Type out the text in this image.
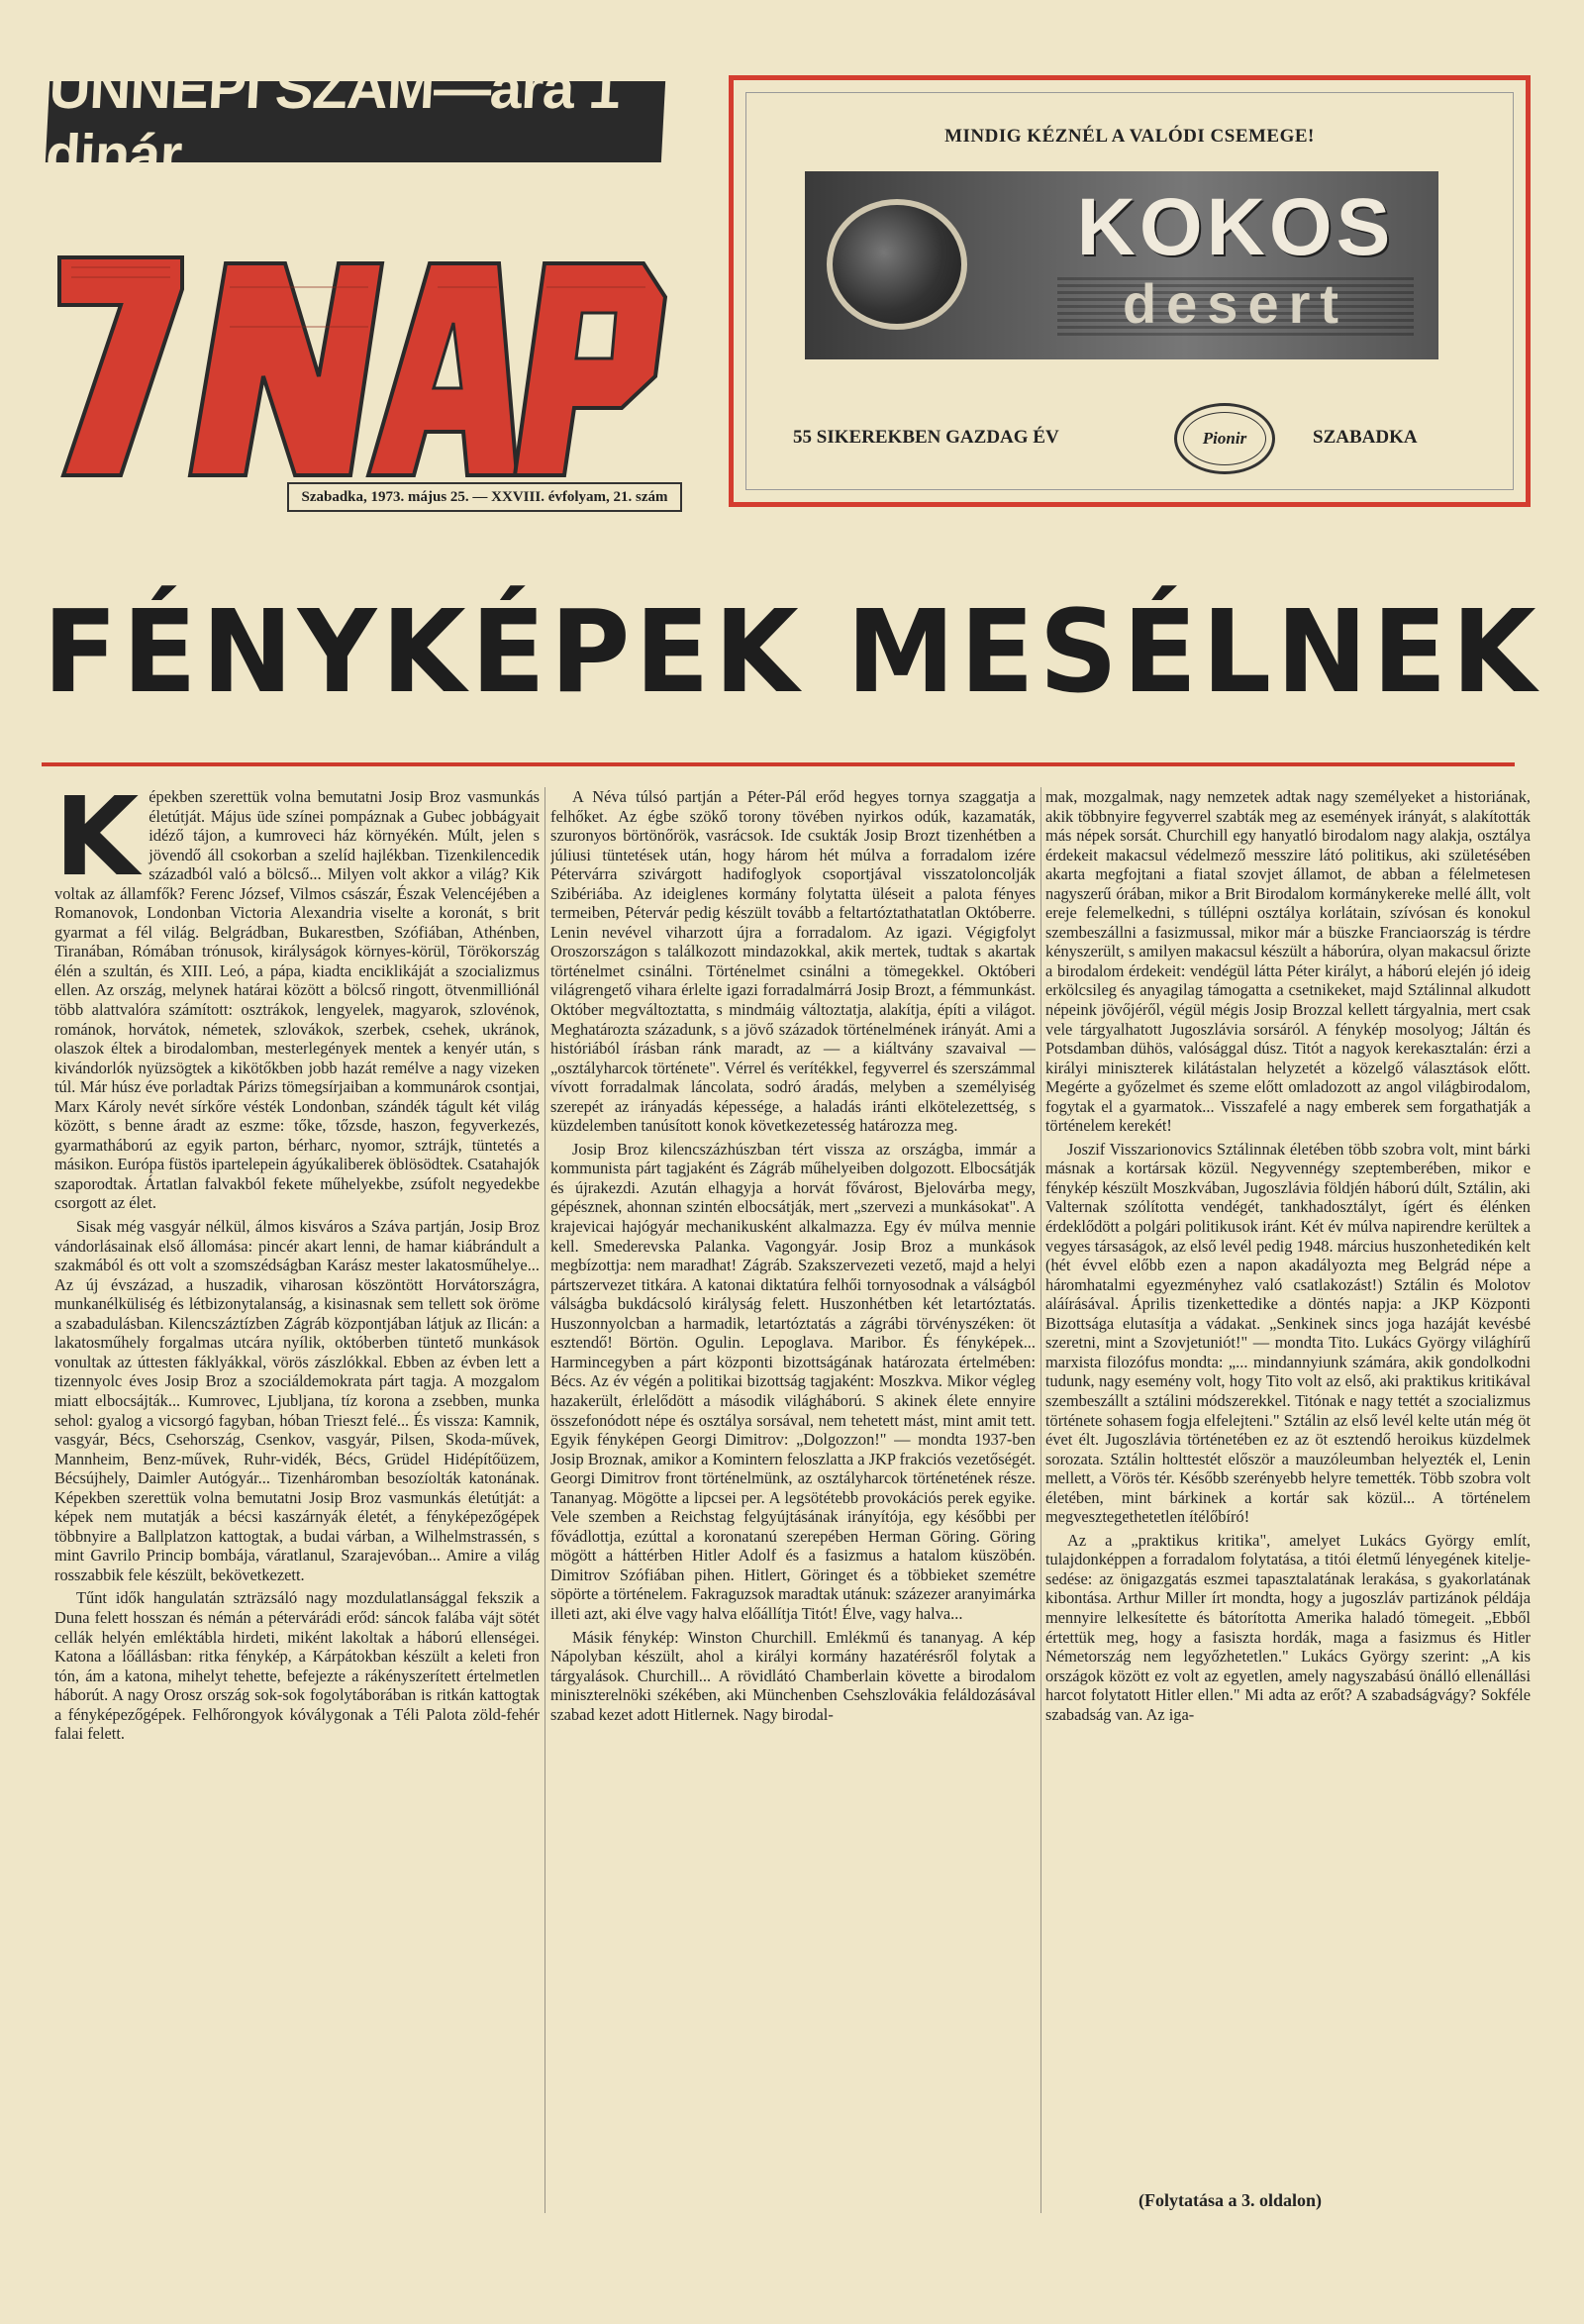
ÜNNEPI SZÁM—ára 1 dinár
Szabadka, 1973. május 25. — XXVIII. évfolyam, 21. szám
MINDIG KÉZNÉL A VALÓDI CSEMEGE!
KOKOS
desert
55 SIKEREKBEN GAZDAG ÉV	Pionir	SZABADKA
FÉNYKÉPEK MESÉLNEK
K épekben szerettük volna bemutatni Josip Broz vasmunkás életútját. Május üde színei pompáznak a Gubec jobbágyait idéző tájon, a kumroveci ház környékén. Múlt, jelen s jövendő áll csokorban a szelíd hajlékban. Tizenkilencedik századból való a bölcső... Milyen volt akkor a világ? Kik voltak az államfők? Ferenc József, Vilmos császár, Észak Velencéjében a Romanovok, Londonban Victoria Alexandria viselte a koronát, s brit gyarmat a fél világ. Belgrádban, Bukarestben, Szófiában, Athénben, Tiranában, Rómában trónusok, királyságok környes-körül, Törökország élén a szultán, és XIII. Leó, a pápa, kiadta enciklikáját a szocializmus ellen. Az ország, melynek határai között a bölcső ringott, ötvenmilliónál több alattvalóra számított: osztrákok, lengyelek, magyarok, szlovénok, románok, horvátok, németek, szlovákok, szerbek, csehek, ukránok, olaszok éltek a birodalomban, mesterlegények mentek a kenyér után, s kivándorlók nyüzsögtek a kikötőkben jobb hazát remélve a nagy vizeken túl. Már húsz éve porladtak Párizs tömegsírjaiban a kommunárok csontjai, Marx Károly nevét sírkőre vésték Londonban, szándék tágult két világ között, s benne áradt az eszme: tőke, tőzsde, haszon, fegyverkezés, gyarmatháború az egyik parton, bérharc, nyomor, sztrájk, tüntetés a másikon. Európa füstös ipartelepein ágyúkaliberek öblösödtek. Csatahajók szaporodtak. Ártatlan falvakból fekete műhelyekbe, zsúfolt negyedekbe csorgott az élet.

Sisak még vasgyár nélkül, álmos kisváros a Száva partján, Josip Broz vándorlásainak első állomása: pincér akart lenni, de hamar kiábrándult a szakmából és ott volt a szomszédságban Karász mester lakatosműhelye... Az új évszázad, a huszadik, viharosan köszöntött Horvátországra, munkanélküliség és létbizonytalanság, a kisinasnak sem tellett sok öröme a szabadulásban. Kilencszáztízben Zágráb központjában látjuk az Ilicán: a lakatosműhely forgalmas utcára nyílik, októberben tüntető munkások vonultak az úttesten fáklyákkal, vörös zászlókkal. Ebben az évben lett a tizennyolc éves Josip Broz a szociáldemokrata párt tagja. A mozgalom miatt elbocsájták... Kumrovec, Ljubljana, tíz korona a zsebben, munka sehol: gyalog a vicsorgó fagyban, hóban Trieszt felé... És vissza: Kamnik, vasgyár, Bécs, Csehország, Csenkov, vasgyár, Pilsen, Skoda-művek, Mannheim, Benz-művek, Ruhr-vidék, Bécs, Grüdel Hidépítőüzem, Bécsújhely, Daimler Autógyár... Tizenháromban besozíolták katonának. Képekben szerettük volna bemutatni Josip Broz vasmunkás életútját: a képek nem mutatják a bécsi kaszárnyák életét, a fényképezőgépek többnyire a Ballplatzon kattogtak, a budai várban, a Wilhelmstrassén, s mint Gavrilo Princip bombája, váratlanul, Szarajevóban... Amire a világ rosszabbik fele készült, bekövetkezett.

Tűnt idők hangulatán szträzsáló nagy mozdulatlansággal fekszik a Duna felett hosszan és némán a pétervárádi erőd: sáncok falába vájt sötét cellák helyén emléktábla hirdeti, miként lakoltak a háború ellenségei. Katona a lőállásban: ritka fénykép, a Kárpátokban készült a keleti fron tón, ám a katona, mihelyt tehette, befejezte a rákényszerített értelmetlen háborút. A nagy Orosz ország sok-sok fogolytáborában is ritkán kattogtak a fényképezőgépek. Felhőrongyok kóválygonak a Téli Palota zöld-fehér falai felett.

A Néva túlsó partján a Péter-Pál erőd hegyes tornya szaggatja a felhőket. Az égbe szökő torony tövében nyirkos odúk, kazamaták, szuronyos börtönőrök, vasrácsok. Ide csukták Josip Brozt tizenhétben a júliusi tüntetések után, hogy három hét múlva a forradalom izére Pétervárra szivárgott hadifoglyok csoportjával visszatoloncolják Szibériába. Az ideiglenes kormány folytatta üléseit a palota fényes termeiben, Pétervár pedig készült tovább a feltartóztathatatlan Októberre. Lenin nevével viharzott újra a forradalom. Az igazi. Végigfolyt Oroszországon s találkozott mindazokkal, akik mertek, tudtak s akartak történelmet csinálni. Történelmet csinálni a tömegekkel. Októberi világrengető vihara érlelte igazi forradalmárrá Josip Brozt, a fémmunkást. Október megváltoztatta, s mindmáig változtatja, alakítja, építi a világot. Meghatározta századunk, s a jövő századok történelmének irányát. Ami a históriából írásban ránk maradt, az — a kiáltvány szavaival — „osztályharcok története". Vérrel és verítékkel, fegyverrel és szerszámmal vívott forradalmak láncolata, sodró áradás, melyben a személyiség szerepét az irányadás képessége, a haladás iránti elkötelezettség, s küzdelemben tanúsított konok következetesség határozza meg.

Josip Broz kilencszázhúszban tért vissza az országba, immár a kommunista párt tagjaként és Zágráb műhelyeiben dolgozott. Elbocsátják és újrakezdi. Azután elhagyja a horvát fővárost, Bjelovárba megy, gépésznek, ahonnan szintén elbocsátják, mert „szervezi a munkásokat". A krajevicai hajógyár mechanikusként alkalmazza. Egy év múlva mennie kell. Smederevska Palanka. Vagongyár. Josip Broz a munkások megbízottja: nem maradhat! Zágráb. Szakszervezeti vezető, majd a helyi pártszervezet titkára. A katonai diktatúra felhői tornyosodnak a válságból válságba bukdácsoló királyság felett. Huszonhétben két letartóztatás. Huszonnyolcban a harmadik, letartóztatás a zágrábi törvényszéken: öt esztendő! Börtön. Ogulin. Lepoglava. Maribor. És fényképek... Harmincegyben a párt központi bizottságának határozata értelmében: Bécs. Az év végén a politikai bizottság tagjaként: Moszkva. Mikor végleg hazakerült, érlelődött a második világháború. S akinek élete ennyire összefonódott népe és osztálya sorsával, nem tehetett mást, mint amit tett. Egyik fényképen Georgi Dimitrov: „Dolgozzon!" — mondta 1937-ben Josip Broznak, amikor a Komintern feloszlatta a JKP frakciós vezetőségét. Georgi Dimitrov front történelmünk, az osztályharcok történetének része. Tananyag. Mögötte a lipcsei per. A legsötétebb provokációs perek egyike. Vele szemben a Reichstag felgyújtásának irányítója, egy későbbi per fővádlottja, ezúttal a koronatanú szerepében Herman Göring. Göring mögött a háttérben Hitler Adolf és a fasizmus a hatalom küszöbén. Dimitrov Szófiában pihen. Hitlert, Göringet és a többieket szemétre söpörte a történelem. Fakraguzsok maradtak utánuk: százezer aranyimárka illeti azt, aki élve vagy halva előállítja Titót! Élve, vagy halva...

Másik fénykép: Winston Churchill. Emlékmű és tananyag. A kép Nápolyban készült, ahol a királyi kormány hazatérésről folytak a tárgyalások. Churchill... A rövidlátó Chamberlain követte a birodalom miniszterelnöki székében, aki Münchenben Csehszlovákia feláldozásával szabad kezet adott Hitlernek. Nagy birodal-

mak, mozgalmak, nagy nemzetek adtak nagy személyeket a historiának, akik többnyire fegyverrel szabták meg az események irányát, s alakították más népek sorsát. Churchill egy hanyatló birodalom nagy alakja, osztálya érdekeit makacsul védelmező messzire látó politikus, aki születésében akarta megfojtani a fiatal szovjet államot, de abban a félelmetesen nagyszerű órában, mikor a Brit Birodalom kormánykereke mellé állt, volt ereje felemelkedni, s túllépni osztálya korlátain, szívósan és konokul szembeszállni a fasizmussal, mikor már a büszke Franciaország is térdre kényszerült, s amilyen makacsul készült a háborúra, olyan makacsul őrizte a birodalom érdekeit: vendégül látta Péter királyt, a háború elején jó ideig erkölcsileg és anyagilag támogatta a csetnikeket, majd Sztálinnal alkudott népeink jövőjéről, végül mégis Josip Brozzal kellett tárgyalnia, mert csak vele tárgyalhatott Jugoszlávia sorsáról. A fénykép mosolyog; Jáltán és Potsdamban dühös, valósággal dúsz. Titót a nagyok kerekasztalán: érzi a királyi miniszterek kilátástalan helyzetét a közelgő választások előtt. Megérte a győzelmet és szeme előtt omladozott az angol világbirodalom, fogytak el a gyarmatok... Visszafelé a nagy emberek sem forgathatják a történelem kerekét!

Joszif Visszarionovics Sztálinnak életében több szobra volt, mint bárki másnak a kortársak közül. Negyvennégy szeptemberében, mikor e fénykép készült Moszkvában, Jugoszlávia földjén háború dúlt, Sztálin, aki Valternak szólította vendégét, tankhadosztályt, ígért és élénken érdeklődött a polgári politikusok iránt. Két év múlva napirendre kerültek a vegyes társaságok, az első levél pedig 1948. március huszonhetedikén kelt (hét évvel előbb ezen a napon akadályozta meg Belgrád népe a háromhatalmi egyezményhez való csatlakozást!) Sztálin és Molotov aláírásával. Április tizenkettedike a döntés napja: a JKP Központi Bizottsága elutasítja a vádakat. „Senkinek sincs joga hazáját kevésbé szeretni, mint a Szovjetuniót!" — mondta Tito. Lukács György világhírű marxista filozófus mondta: „... mindannyiunk számára, akik gondolkodni tudunk, nagy esemény volt, hogy Tito volt az első, aki praktikus kritikával szembeszállt a sztálini módszerekkel. Titónak e nagy tettét a szocializmus története sohasem fogja elfelejteni." Sztálin az első levél kelte után még öt évet élt. Jugoszlávia történetében ez az öt esztendő heroikus küzdelmek sorozata. Sztálin holttestét először a mauzóleumban helyezték el, Lenin mellett, a Vörös tér. Később szerényebb helyre temették. Több szobra volt életében, mint bárkinek a kortár sak közül... A történelem megvesztegethetetlen ítélőbíró!

Az a „praktikus kritika", amelyet Lukács György említ, tulajdonképpen a forradalom folytatása, a titói életmű lényegének kitelje-sedése: az önigazgatás eszmei tapasztalatának lerakása, s gyakorlatának kibontása. Arthur Miller írt mondta, hogy a jugoszláv partizánok példája mennyire lelkesítette és bátorította Amerika haladó tömegeit. „Ebből értettük meg, hogy a fasiszta hordák, maga a fasizmus és Hitler Németország nem legyőzhetetlen." Lukács György szerint: „A kis országok között ez volt az egyetlen, amely nagyszabású önálló ellenállási harcot folytatott Hitler ellen." Mi adta az erőt? A szabadságvágy? Sokféle szabadság van. Az iga-

(Folytatása a 3. oldalon)
